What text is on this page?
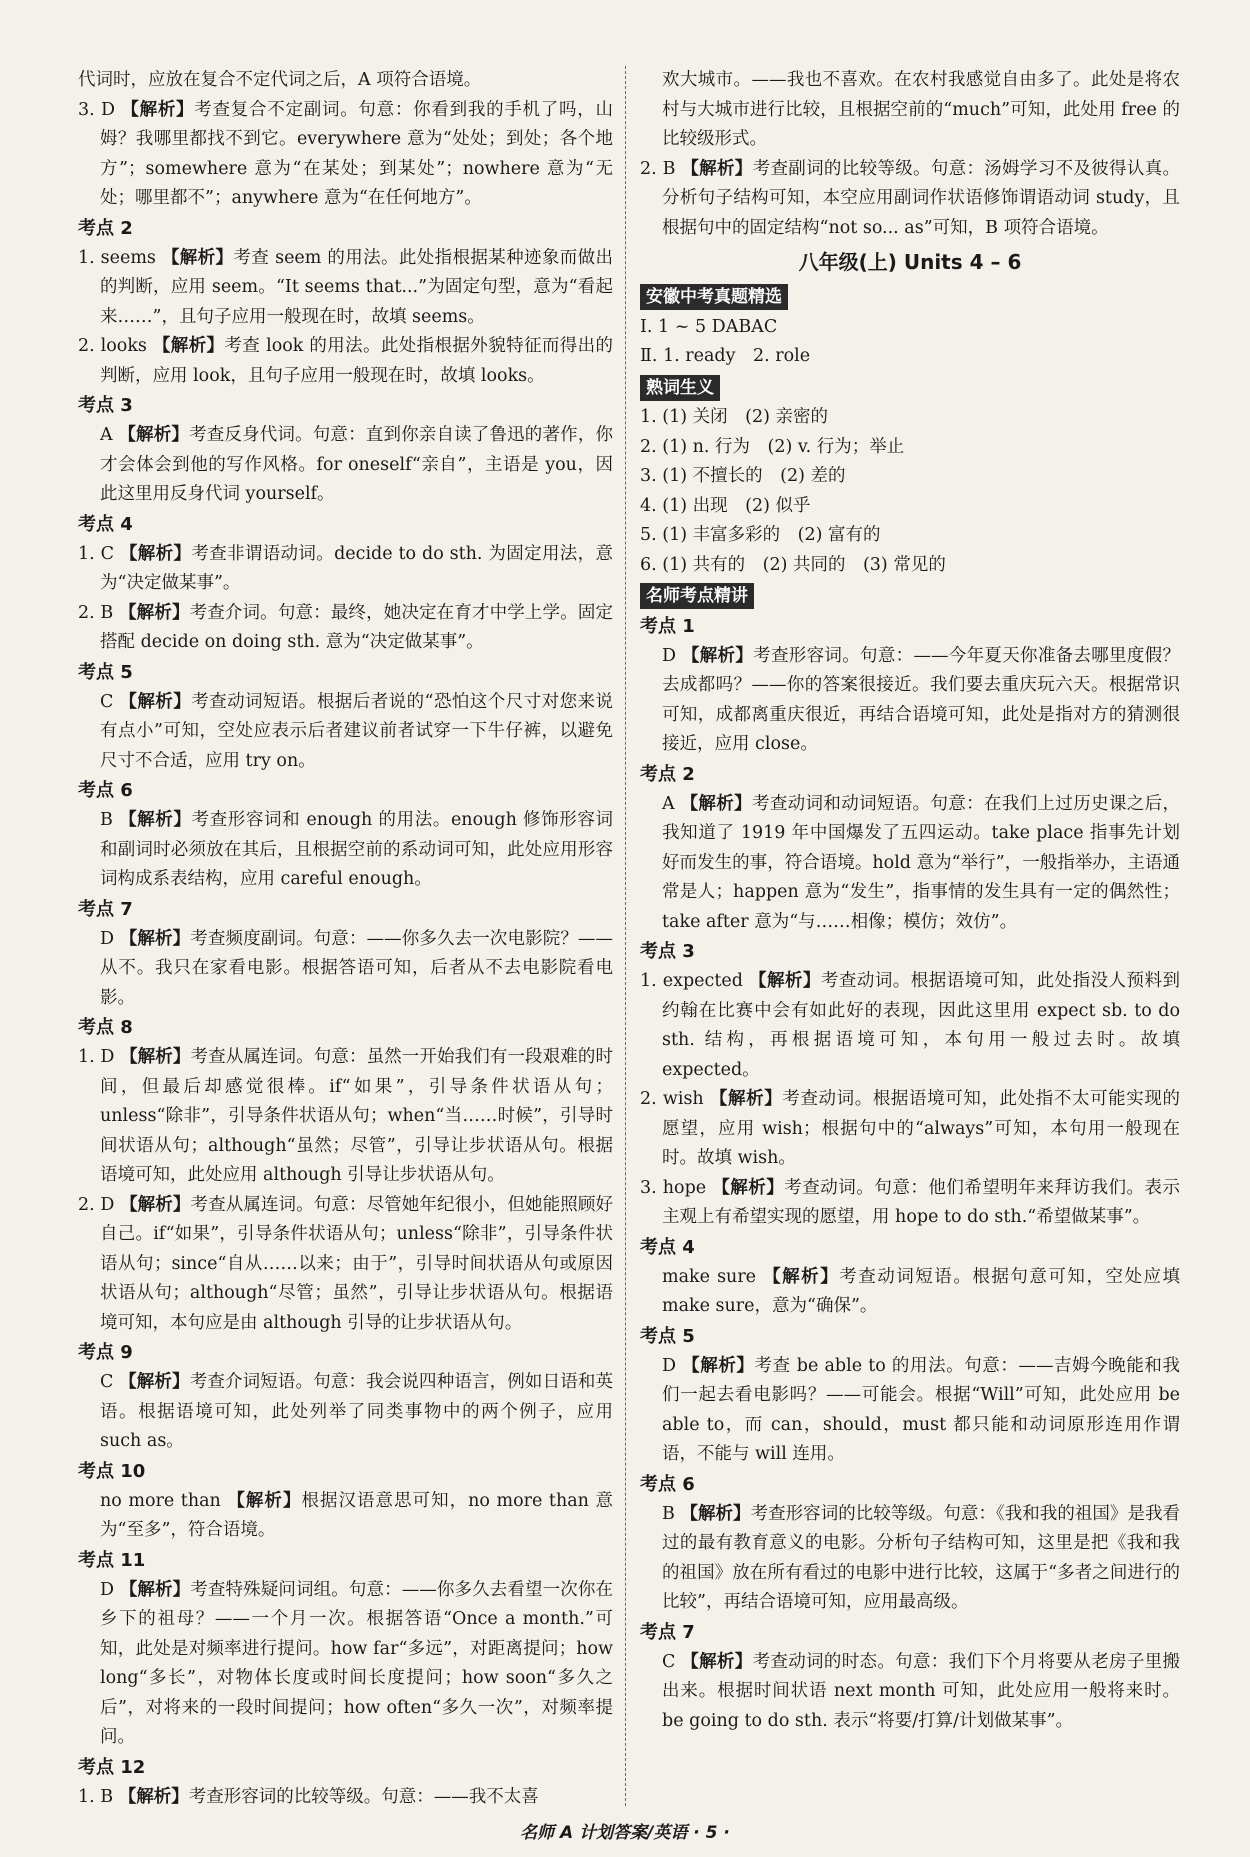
代词时，应放在复合不定代词之后，A 项符合语境。
3. D 【解析】考查复合不定副词。句意：你看到我的手机了吗，山姆？我哪里都找不到它。everywhere 意为“处处；到处；各个地方”；somewhere 意为“在某处；到某处”；nowhere 意为“无处；哪里都不”；anywhere 意为“在任何地方”。
考点 2
1. seems 【解析】考查 seem 的用法。此处指根据某种迹象而做出的判断，应用 seem。“It seems that...”为固定句型，意为“看起来……”，且句子应用一般现在时，故填 seems。
2. looks 【解析】考查 look 的用法。此处指根据外貌特征而得出的判断，应用 look，且句子应用一般现在时，故填 looks。
考点 3
A 【解析】考查反身代词。句意：直到你亲自读了鲁迅的著作，你才会体会到他的写作风格。for oneself“亲自”，主语是 you，因此这里用反身代词 yourself。
考点 4
1. C 【解析】考查非谓语动词。decide to do sth. 为固定用法，意为“决定做某事”。
2. B 【解析】考查介词。句意：最终，她决定在育才中学上学。固定搭配 decide on doing sth. 意为“决定做某事”。
考点 5
C 【解析】考查动词短语。根据后者说的“恐怕这个尺寸对您来说有点小”可知，空处应表示后者建议前者试穿一下牛仔裤，以避免尺寸不合适，应用 try on。
考点 6
B 【解析】考查形容词和 enough 的用法。enough 修饰形容词和副词时必须放在其后，且根据空前的系动词可知，此处应用形容词构成系表结构，应用 careful enough。
考点 7
D 【解析】考查频度副词。句意：——你多久去一次电影院？——从不。我只在家看电影。根据答语可知，后者从不去电影院看电影。
考点 8
1. D 【解析】考查从属连词。句意：虽然一开始我们有一段艰难的时间，但最后却感觉很棒。if“如果”，引导条件状语从句；unless“除非”，引导条件状语从句；when“当……时候”，引导时间状语从句；although“虽然；尽管”，引导让步状语从句。根据语境可知，此处应用 although 引导让步状语从句。
2. D 【解析】考查从属连词。句意：尽管她年纪很小，但她能照顾好自己。if“如果”，引导条件状语从句；unless“除非”，引导条件状语从句；since“自从……以来；由于”，引导时间状语从句或原因状语从句；although“尽管；虽然”，引导让步状语从句。根据语境可知，本句应是由 although 引导的让步状语从句。
考点 9
C 【解析】考查介词短语。句意：我会说四种语言，例如日语和英语。根据语境可知，此处列举了同类事物中的两个例子，应用 such as。
考点 10
no more than 【解析】根据汉语意思可知，no more than 意为“至多”，符合语境。
考点 11
D 【解析】考查特殊疑问词组。句意：——你多久去看望一次你在乡下的祖母？——一个月一次。根据答语“Once a month.”可知，此处是对频率进行提问。how far“多远”，对距离提问；how long“多长”，对物体长度或时间长度提问；how soon“多久之后”，对将来的一段时间提问；how often“多久一次”，对频率提问。
考点 12
1. B 【解析】考查形容词的比较等级。句意：——我不太喜
欢大城市。——我也不喜欢。在农村我感觉自由多了。此处是将农村与大城市进行比较，且根据空前的“much”可知，此处用 free 的比较级形式。
2. B 【解析】考查副词的比较等级。句意：汤姆学习不及彼得认真。分析句子结构可知，本空应用副词作状语修饰谓语动词 study，且根据句中的固定结构“not so... as”可知，B 项符合语境。
八年级(上) Units 4 – 6
安徽中考真题精选
Ⅰ. 1 ~ 5 DABAC
Ⅱ. 1. ready　2. role
熟词生义
1. (1) 关闭　(2) 亲密的
2. (1) n. 行为　(2) v. 行为；举止
3. (1) 不擅长的　(2) 差的
4. (1) 出现　(2) 似乎
5. (1) 丰富多彩的　(2) 富有的
6. (1) 共有的　(2) 共同的　(3) 常见的
名师考点精讲
考点 1
D 【解析】考查形容词。句意：——今年夏天你准备去哪里度假？去成都吗？——你的答案很接近。我们要去重庆玩六天。根据常识可知，成都离重庆很近，再结合语境可知，此处是指对方的猜测很接近，应用 close。
考点 2
A 【解析】考查动词和动词短语。句意：在我们上过历史课之后，我知道了 1919 年中国爆发了五四运动。take place 指事先计划好而发生的事，符合语境。hold 意为“举行”，一般指举办，主语通常是人；happen 意为“发生”，指事情的发生具有一定的偶然性；take after 意为“与……相像；模仿；效仿”。
考点 3
1. expected 【解析】考查动词。根据语境可知，此处指没人预料到约翰在比赛中会有如此好的表现，因此这里用 expect sb. to do sth. 结构，再根据语境可知，本句用一般过去时。故填 expected。
2. wish 【解析】考查动词。根据语境可知，此处指不太可能实现的愿望，应用 wish；根据句中的“always”可知，本句用一般现在时。故填 wish。
3. hope 【解析】考查动词。句意：他们希望明年来拜访我们。表示主观上有希望实现的愿望，用 hope to do sth.“希望做某事”。
考点 4
make sure 【解析】考查动词短语。根据句意可知，空处应填 make sure，意为“确保”。
考点 5
D 【解析】考查 be able to 的用法。句意：——吉姆今晚能和我们一起去看电影吗？——可能会。根据“Will”可知，此处应用 be able to，而 can，should，must 都只能和动词原形连用作谓语，不能与 will 连用。
考点 6
B 【解析】考查形容词的比较等级。句意：《我和我的祖国》是我看过的最有教育意义的电影。分析句子结构可知，这里是把《我和我的祖国》放在所有看过的电影中进行比较，这属于“多者之间进行的比较”，再结合语境可知，应用最高级。
考点 7
C 【解析】考查动词的时态。句意：我们下个月将要从老房子里搬出来。根据时间状语 next month 可知，此处应用一般将来时。be going to do sth. 表示“将要/打算/计划做某事”。
名师 A 计划答案/英语 · 5 ·
